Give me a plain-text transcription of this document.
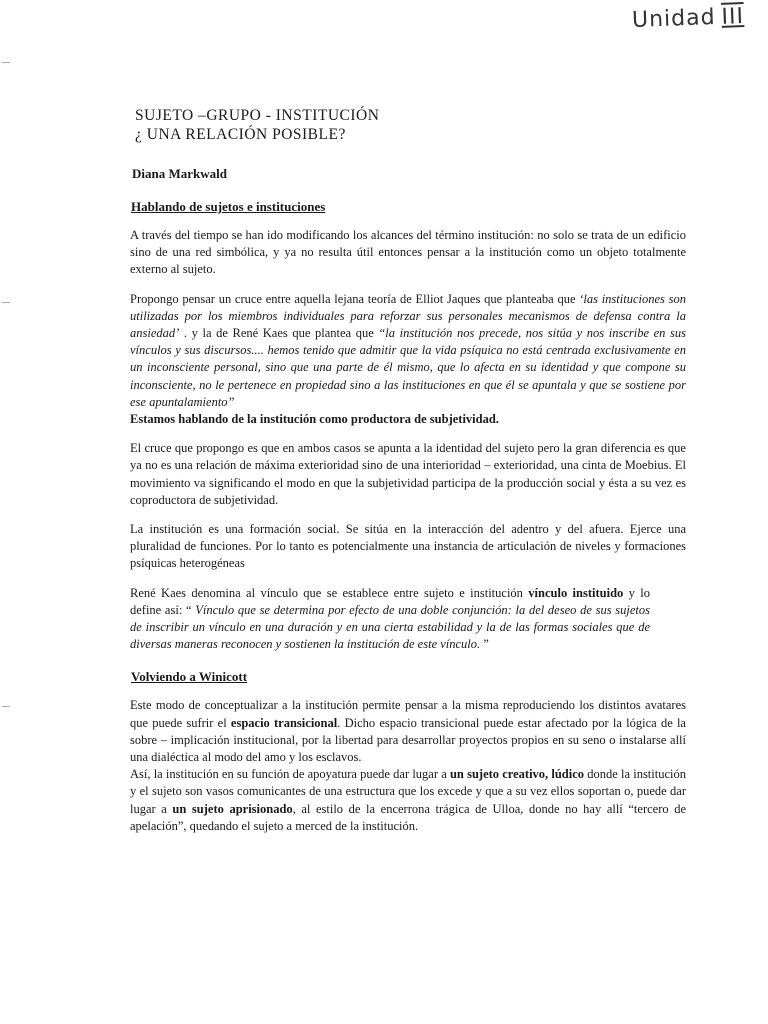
Unidad III
SUJETO –GRUPO - INSTITUCIÓN
¿ UNA RELACIÓN POSIBLE?
Diana Markwald
Hablando de sujetos e instituciones

A través del tiempo se han ido modificando los alcances del término institución: no solo se trata de un edificio sino de una red simbólica, y ya no resulta útil entonces pensar a la institución como un objeto totalmente externo al sujeto.

Propongo pensar un cruce entre aquella lejana teoría de Elliot Jaques que planteaba que ‘las instituciones son utilizadas por los miembros individuales para reforzar sus personales mecanismos de defensa contra la ansiedad’ . y la de René Kaes que plantea que “la institución nos precede, nos sitúa y nos inscribe en sus vínculos y sus discursos.... hemos tenido que admitir que la vida psíquica no está centrada exclusivamente en un inconsciente personal, sino que una parte de él mismo, que lo afecta en su identidad y que compone su inconsciente, no le pertenece en propiedad sino a las instituciones en que él se apuntala y que se sostiene por ese apuntalamiento”

Estamos hablando de la institución como productora de subjetividad.

El cruce que propongo es que en ambos casos se apunta a la identidad del sujeto pero la gran diferencia es que ya no es una relación de máxima exterioridad sino de una interioridad – exterioridad, una cinta de Moebius. El movimiento va significando el modo en que la subjetividad participa de la producción social y ésta a su vez es coproductora de subjetividad.

La institución es una formación social. Se sitúa en la interacción del adentro y del afuera. Ejerce una pluralidad de funciones. Por lo tanto es potencialmente una instancia de articulación de niveles y formaciones psíquicas heterogéneas

René Kaes denomina al vínculo que se establece entre sujeto e institución vínculo instituido y lo define así: “ Vínculo que se determina por efecto de una doble conjunción: la del deseo de sus sujetos de inscribir un vínculo en una duración y en una cierta estabilidad y la de las formas sociales que de diversas maneras reconocen y sostienen la institución de este vínculo. ”

Volviendo a Winicott

Este modo de conceptualizar a la institución permite pensar a la misma reproduciendo los distintos avatares que puede sufrir el espacio transicional. Dicho espacio transicional puede estar afectado por la lógica de la sobre – implicación institucional, por la libertad para desarrollar proyectos propios en su seno o instalarse allí una dialéctica al modo del amo y los esclavos.

Así, la institución en su función de apoyatura puede dar lugar a un sujeto creativo, lúdico donde la institución y el sujeto son vasos comunicantes de una estructura que los excede y que a su vez ellos soportan o, puede dar lugar a un sujeto aprisionado, al estilo de la encerrona trágica de Ulloa, donde no hay allí “tercero de apelación”, quedando el sujeto a merced de la institución.
